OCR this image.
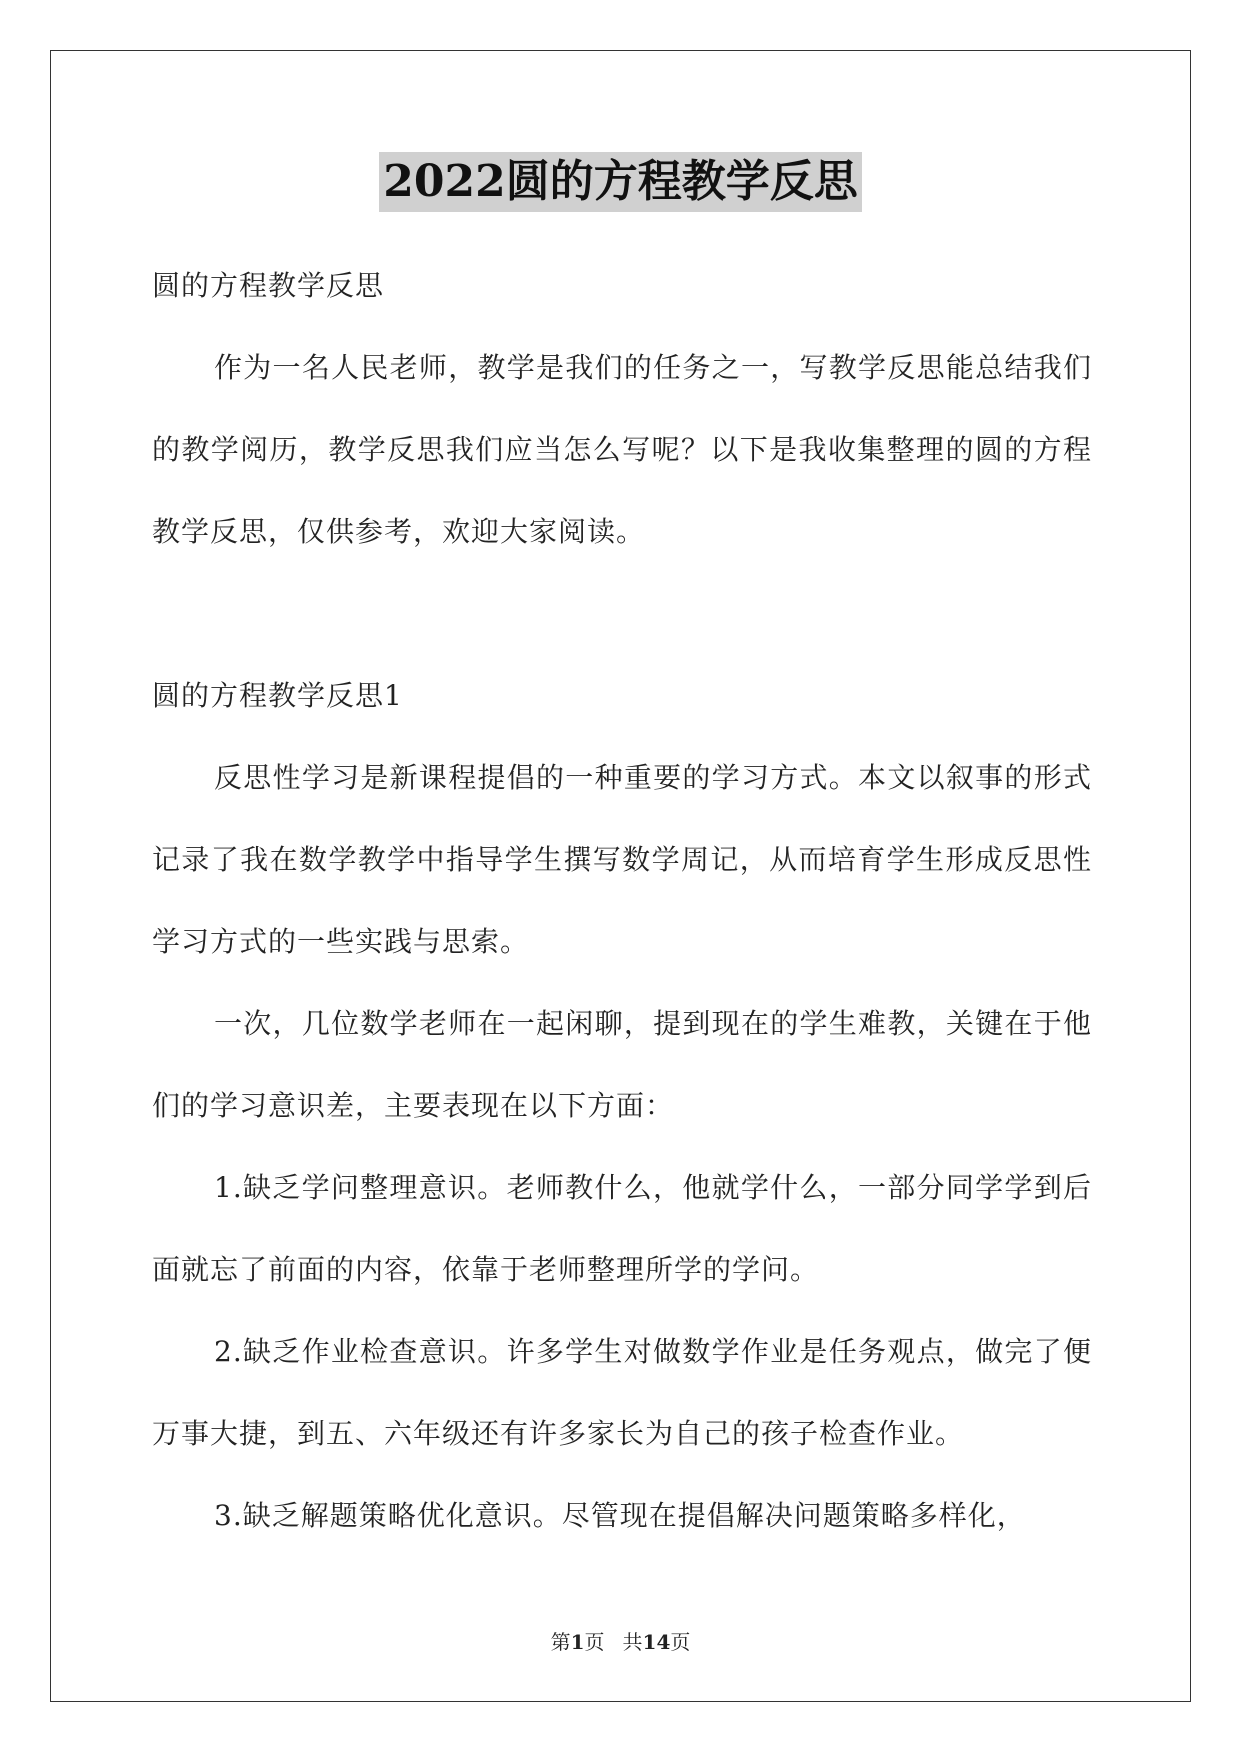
2022圆的方程教学反思

圆的方程教学反思

作为一名人民老师，教学是我们的任务之一，写教学反思能总结我们的教学阅历，教学反思我们应当怎么写呢？以下是我收集整理的圆的方程教学反思，仅供参考，欢迎大家阅读。

圆的方程教学反思1

反思性学习是新课程提倡的一种重要的学习方式。本文以叙事的形式记录了我在数学教学中指导学生撰写数学周记，从而培育学生形成反思性学习方式的一些实践与思索。

一次，几位数学老师在一起闲聊，提到现在的学生难教，关键在于他们的学习意识差，主要表现在以下方面：

1.缺乏学问整理意识。老师教什么，他就学什么，一部分同学学到后面就忘了前面的内容，依靠于老师整理所学的学问。

2.缺乏作业检查意识。许多学生对做数学作业是任务观点，做完了便万事大捷，到五、六年级还有许多家长为自己的孩子检查作业。

3.缺乏解题策略优化意识。尽管现在提倡解决问题策略多样化，

第1页 共14页
